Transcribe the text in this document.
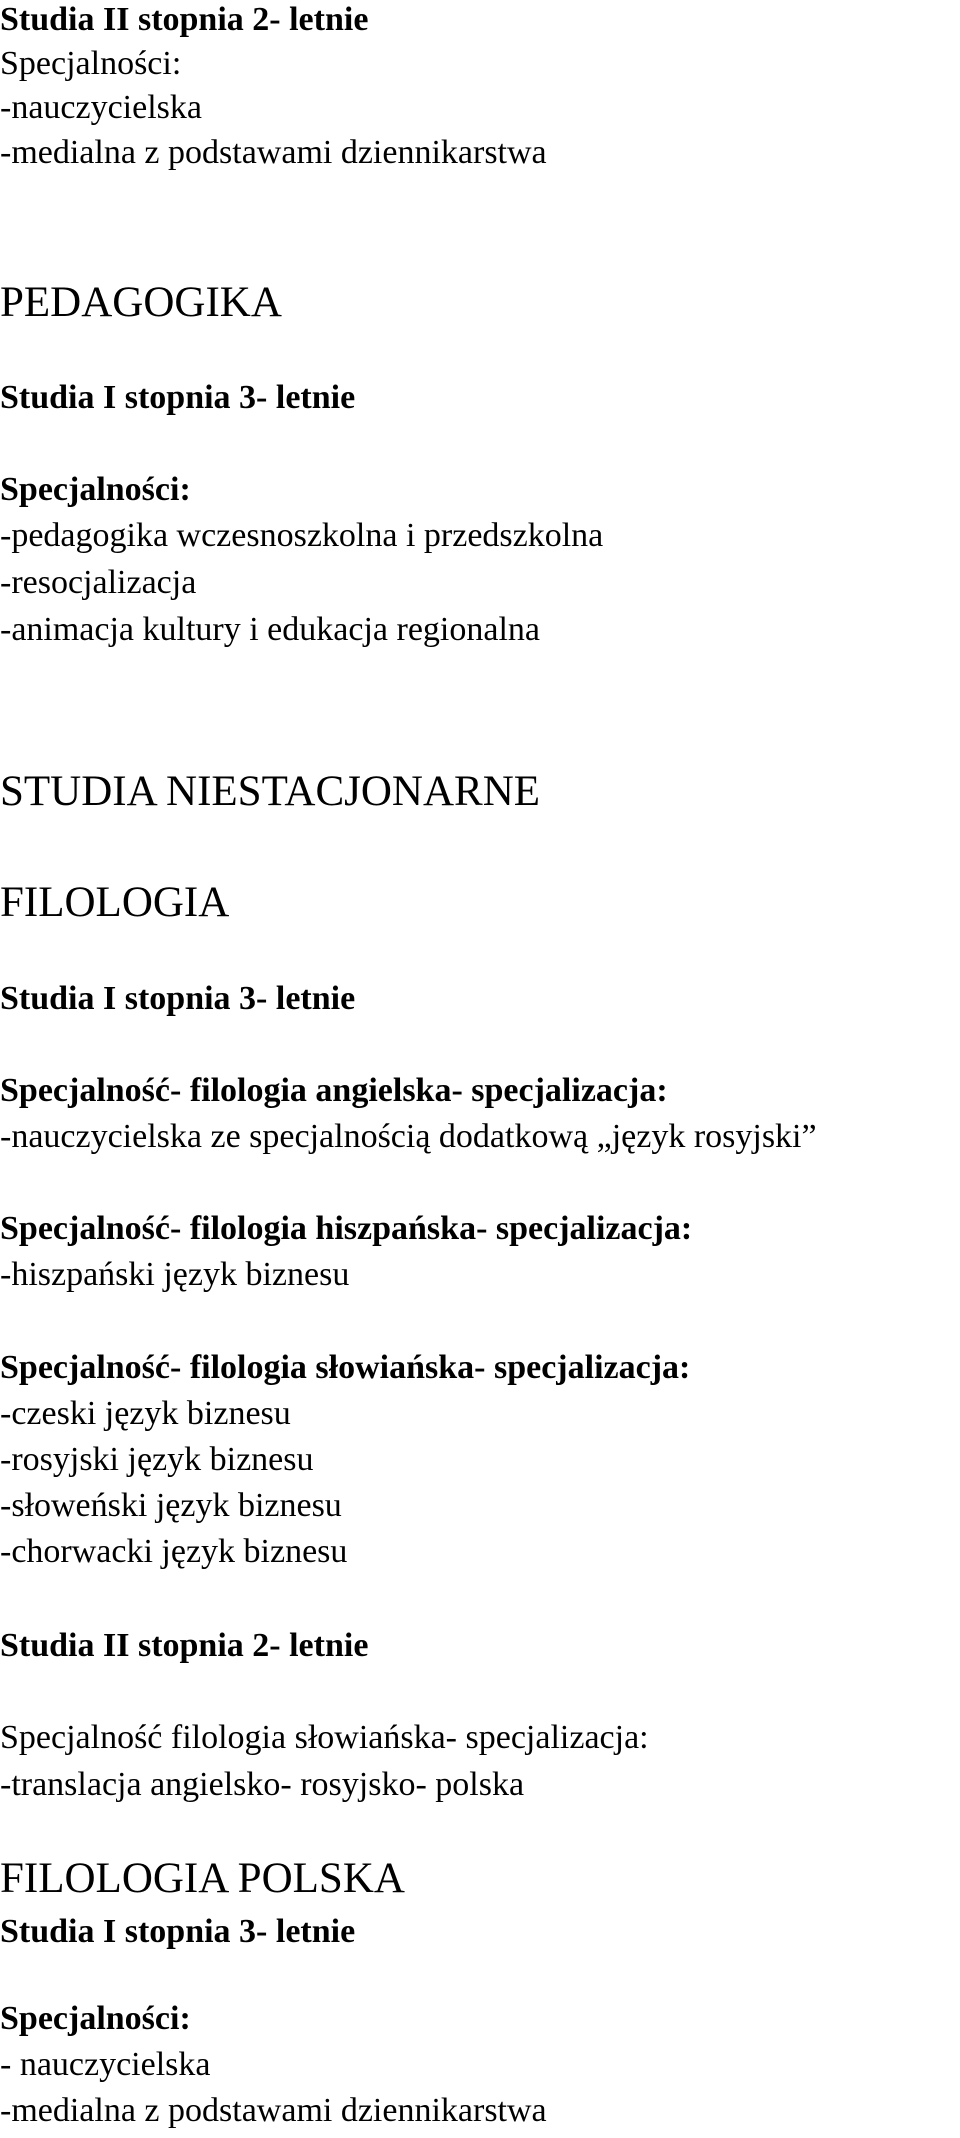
Studia II stopnia 2- letnie
Specjalności:
-nauczycielska
-medialna z podstawami dziennikarstwa
PEDAGOGIKA
Studia I stopnia 3- letnie
Specjalności:
-pedagogika wczesnoszkolna i przedszkolna
-resocjalizacja
-animacja kultury i edukacja regionalna
STUDIA NIESTACJONARNE
FILOLOGIA
Studia I stopnia 3- letnie
Specjalność- filologia angielska- specjalizacja:
-nauczycielska ze specjalnością dodatkową „język rosyjski”
Specjalność- filologia hiszpańska- specjalizacja:
-hiszpański język biznesu
Specjalność- filologia słowiańska- specjalizacja:
-czeski język biznesu
-rosyjski język biznesu
-słoweński język biznesu
-chorwacki język biznesu
Studia II stopnia 2- letnie
Specjalność filologia słowiańska- specjalizacja:
-translacja angielsko- rosyjsko- polska
FILOLOGIA POLSKA
Studia I stopnia 3- letnie
Specjalności:
- nauczycielska
-medialna z podstawami dziennikarstwa
